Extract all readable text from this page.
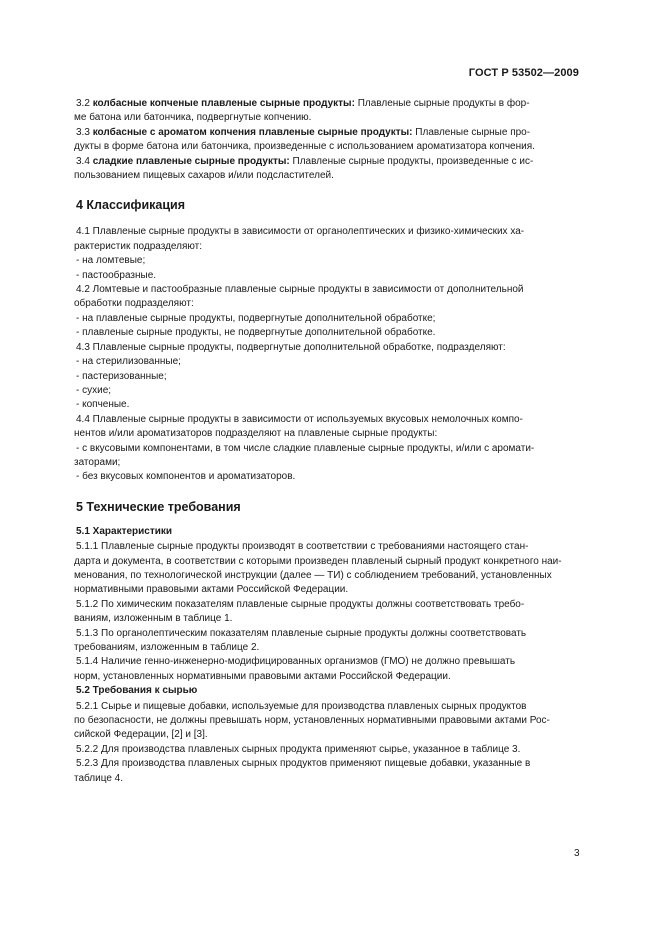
ГОСТ Р 53502—2009
3.2 колбасные копченые плавленые сырные продукты: Плавленые сырные продукты в фор-
ме батона или батончика, подвергнутые копчению.
3.3 колбасные с ароматом копчения плавленые сырные продукты: Плавленые сырные про-
дукты в форме батона или батончика, произведенные с использованием ароматизатора копчения.
3.4 сладкие плавленые сырные продукты: Плавленые сырные продукты, произведенные с ис-
пользованием пищевых сахаров и/или подсластителей.
4 Классификация
4.1 Плавленые сырные продукты в зависимости от органолептических и физико-химических ха-
рактеристик подразделяют:
- на ломтевые;
- пастообразные.
4.2 Ломтевые и пастообразные плавленые сырные продукты в зависимости от дополнительной
обработки подразделяют:
- на плавленые сырные продукты, подвергнутые дополнительной обработке;
- плавленые сырные продукты, не подвергнутые дополнительной обработке.
4.3 Плавленые сырные продукты, подвергнутые дополнительной обработке, подразделяют:
- на стерилизованные;
- пастеризованные;
- сухие;
- копченые.
4.4 Плавленые сырные продукты в зависимости от используемых вкусовых немолочных компо-
нентов и/или ароматизаторов подразделяют на плавленые сырные продукты:
- с вкусовыми компонентами, в том числе сладкие плавленые сырные продукты, и/или с аромати-
заторами;
- без вкусовых компонентов и ароматизаторов.
5 Технические требования
5.1 Характеристики
5.1.1 Плавленые сырные продукты производят в соответствии с требованиями настоящего стан-
дарта и документа, в соответствии с которыми произведен плавленый сырный продукт конкретного наи-
менования, по технологической инструкции (далее — ТИ) с соблюдением требований, установленных
нормативными правовыми актами Российской Федерации.
5.1.2 По химическим показателям плавленые сырные продукты должны соответствовать требо-
ваниям, изложенным в таблице 1.
5.1.3 По органолептическим показателям плавленые сырные продукты должны соответствовать
требованиям, изложенным в таблице 2.
5.1.4 Наличие генно-инженерно-модифицированных организмов (ГМО) не должно превышать
норм, установленных нормативными правовыми актами Российской Федерации.
5.2 Требования к сырью
5.2.1 Сырье и пищевые добавки, используемые для производства плавленых сырных продуктов
по безопасности, не должны превышать норм, установленных нормативными правовыми актами Рос-
сийской Федерации, [2] и [3].
5.2.2 Для производства плавленых сырных продукта применяют сырье, указанное в таблице 3.
5.2.3 Для производства плавленых сырных продуктов применяют пищевые добавки, указанные в
таблице 4.
3
